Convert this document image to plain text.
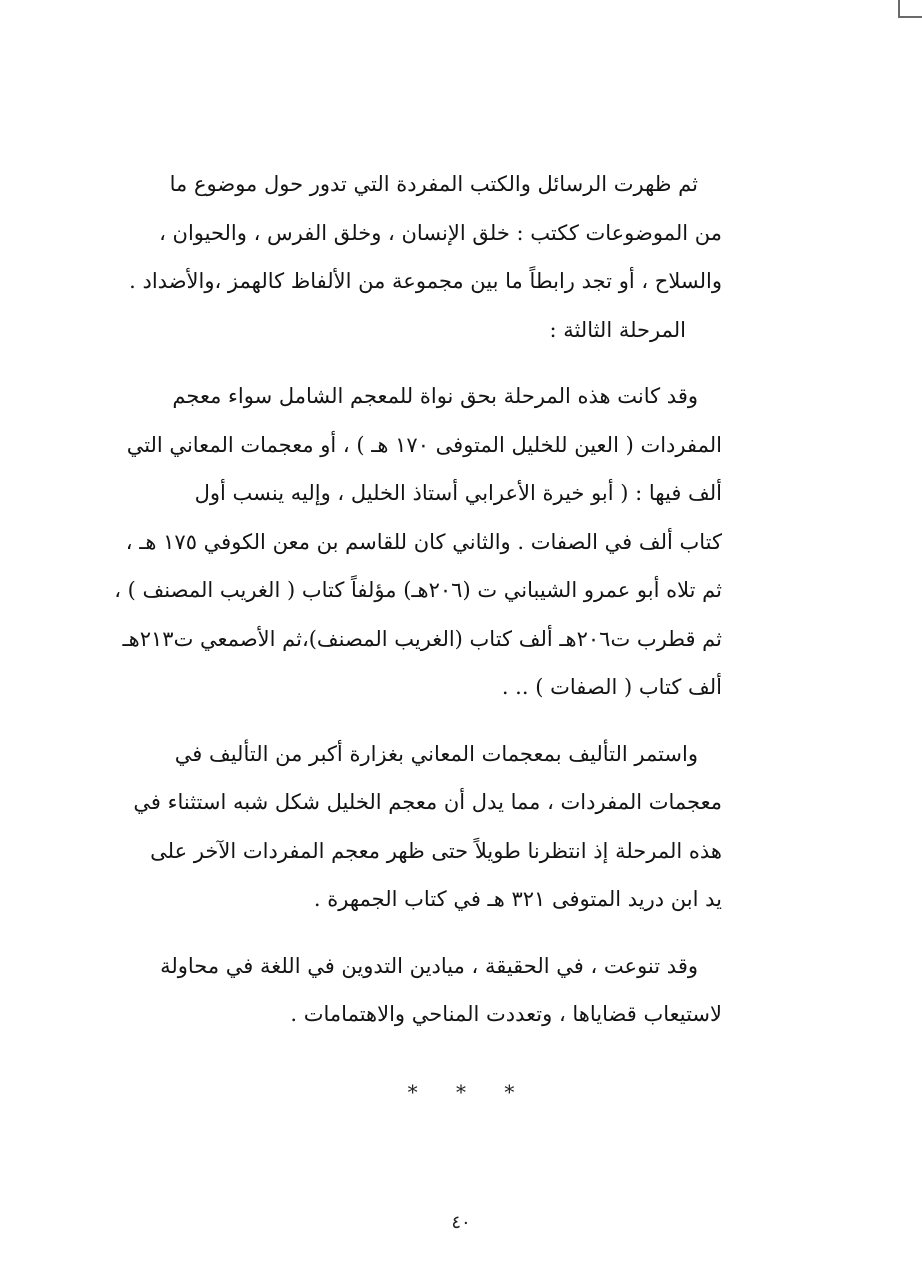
ثم ظهرت الرسائل والكتب المفردة التي تدور حول موضوع ما
من الموضوعات ككتب : خلق الإنسان ، وخلق الفرس ، والحيوان ،
والسلاح ، أو تجد رابطاً ما بين مجموعة من الألفاظ كالهمز ،والأضداد .

المرحلة الثالثة :

وقد كانت هذه المرحلة بحق نواة للمعجم الشامل سواء معجم
المفردات ( العين للخليل المتوفى ١٧٠ هـ ) ، أو معجمات المعاني التي
ألف فيها : ( أبو خيرة الأعرابي أستاذ الخليل ، وإليه ينسب أول
كتاب ألف في الصفات . والثاني كان للقاسم بن معن الكوفي ١٧٥ هـ ،
ثم تلاه أبو عمرو الشيباني ت (٢٠٦هـ) مؤلفاً كتاب ( الغريب المصنف ) ،
ثم قطرب ت٢٠٦هـ ألف كتاب (الغريب المصنف)،ثم الأصمعي ت٢١٣هـ
ألف كتاب ( الصفات ) .. .

واستمر التأليف بمعجمات المعاني بغزارة أكبر من التأليف في
معجمات المفردات ، مما يدل أن معجم الخليل شكل شبه استثناء في
هذه المرحلة إذ انتظرنا طويلاً حتى ظهر معجم المفردات الآخر على
يد ابن دريد المتوفى ٣٢١ هـ في كتاب الجمهرة .

وقد تنوعت ، في الحقيقة ، ميادين التدوين في اللغة في محاولة
لاستيعاب قضاياها ، وتعددت المناحي والاهتمامات .

* * *
٤٠
